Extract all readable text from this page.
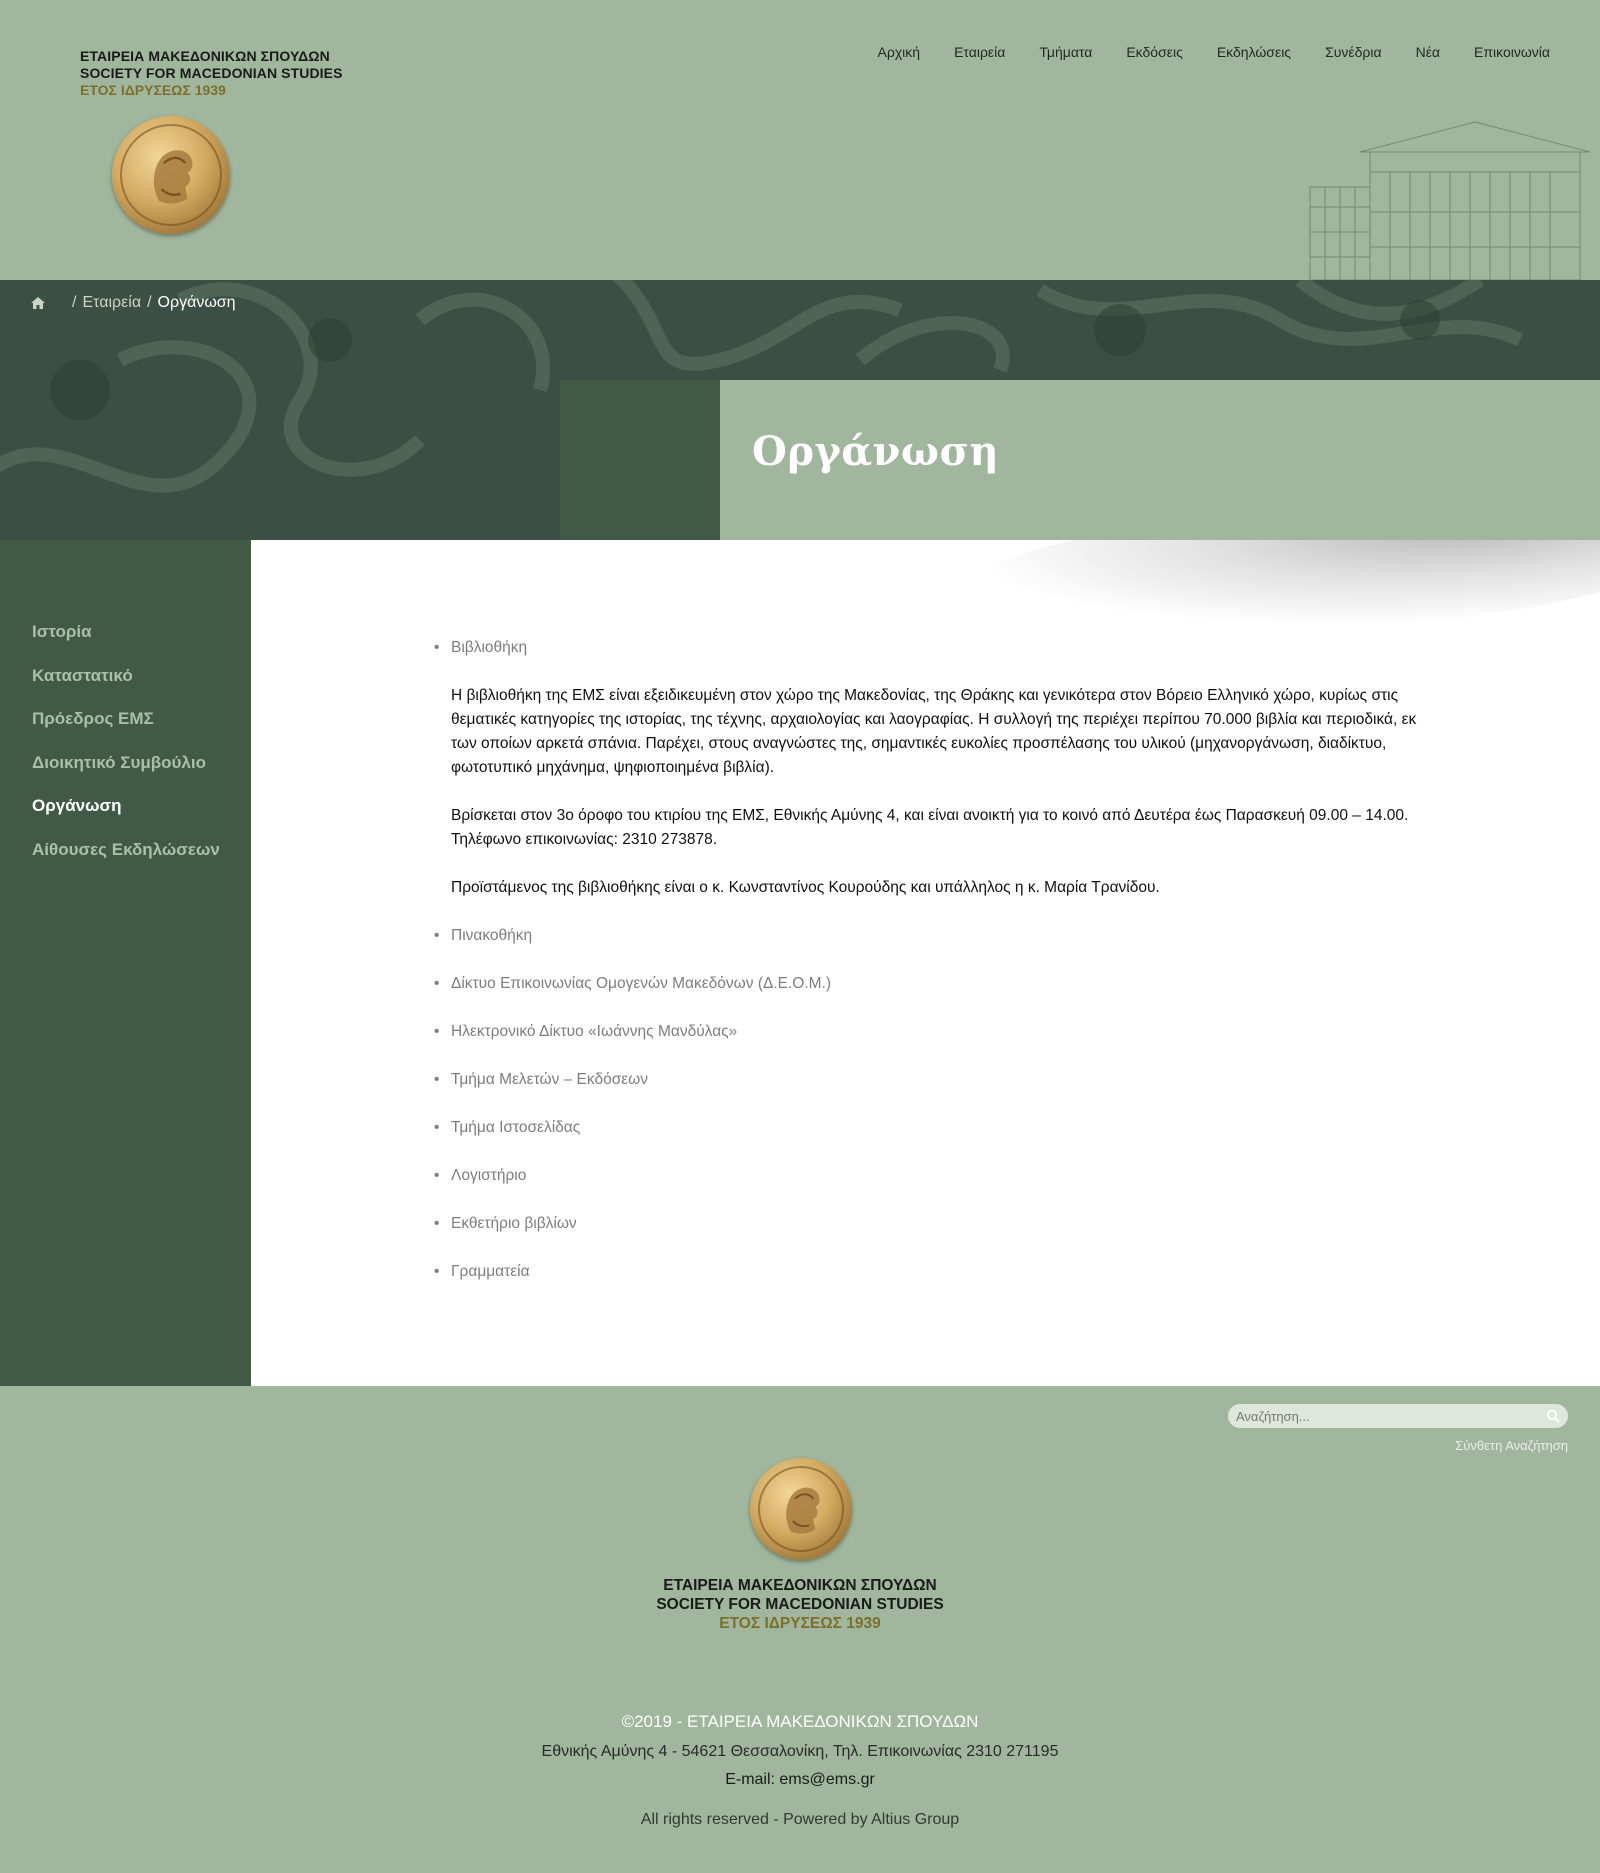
ΕΤΑΙΡΕΙΑ ΜΑΚΕΔΟΝΙΚΩΝ ΣΠΟΥΔΩΝ
SOCIETY FOR MACEDONIAN STUDIES
ΕΤΟΣ ΙΔΡΥΣΕΩΣ 1939
Αρχική Εταιρεία Τμήματα Εκδόσεις Εκδηλώσεις Συνέδρια Νέα Επικοινωνία
/ Εταιρεία / Οργάνωση
Οργάνωση
Ιστορία
Καταστατικό
Πρόεδρος ΕΜΣ
Διοικητικό Συμβούλιο
Οργάνωση
Αίθουσες Εκδηλώσεων
• Βιβλιοθήκη

Η βιβλιοθήκη της ΕΜΣ είναι εξειδικευμένη στον χώρο της Μακεδονίας, της Θράκης και γενικότερα στον Βόρειο Ελληνικό χώρο, κυρίως στις θεματικές κατηγορίες της ιστορίας, της τέχνης, αρχαιολογίας και λαογραφίας. Η συλλογή της περιέχει περίπου 70.000 βιβλία και περιοδικά, εκ των οποίων αρκετά σπάνια. Παρέχει, στους αναγνώστες της, σημαντικές ευκολίες προσπέλασης του υλικού (μηχανοργάνωση, διαδίκτυο, φωτοτυπικό μηχάνημα, ψηφιοποιημένα βιβλία).

Βρίσκεται στον 3ο όροφο του κτιρίου της ΕΜΣ, Εθνικής Αμύνης 4, και είναι ανοικτή για το κοινό από Δευτέρα έως Παρασκευή 09.00 – 14.00. Τηλέφωνο επικοινωνίας: 2310 273878.

Προϊστάμενος της βιβλιοθήκης είναι ο κ. Κωνσταντίνος Κουρούδης και υπάλληλος η κ. Μαρία Τρανίδου.

• Πινακοθήκη
• Δίκτυο Επικοινωνίας Ομογενών Μακεδόνων (Δ.Ε.Ο.Μ.)
• Ηλεκτρονικό Δίκτυο «Ιωάννης Μανδύλας»
• Τμήμα Μελετών – Εκδόσεων
• Τμήμα Ιστοσελίδας
• Λογιστήριο
• Εκθετήριο βιβλίων
• Γραμματεία
Αναζήτηση...
Σύνθετη Αναζήτηση
ΕΤΑΙΡΕΙΑ ΜΑΚΕΔΟΝΙΚΩΝ ΣΠΟΥΔΩΝ
SOCIETY FOR MACEDONIAN STUDIES
ΕΤΟΣ ΙΔΡΥΣΕΩΣ 1939
©2019 - ΕΤΑΙΡΕΙΑ ΜΑΚΕΔΟΝΙΚΩΝ ΣΠΟΥΔΩΝ
Εθνικής Αμύνης 4 - 54621 Θεσσαλονίκη, Τηλ. Επικοινωνίας 2310 271195
E-mail: ems@ems.gr
All rights reserved - Powered by Altius Group
